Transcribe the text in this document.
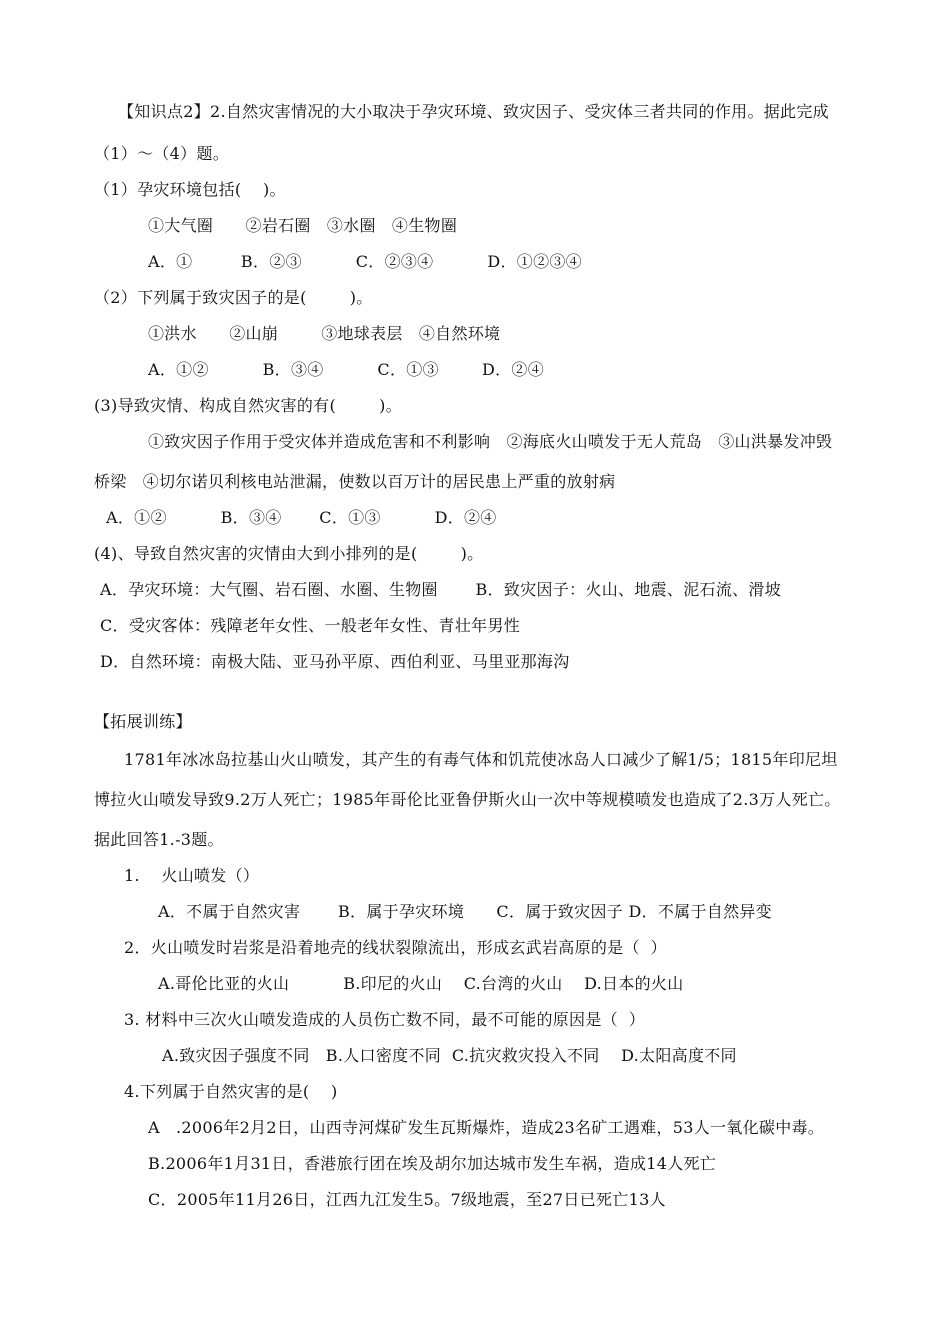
【知识点2】2.自然灾害情况的大小取决于孕灾环境、致灾因子、受灾体三者共同的作用。据此完成
（1）～（4）题。
（1）孕灾环境包括(    )。
①大气圈      ②岩石圈   ③水圈   ④生物圈
A．①         B．②③          C．②③④          D．①②③④
（2）下列属于致灾因子的是(        )。
①洪水      ②山崩        ③地球表层   ④自然环境
A．①②          B．③④          C．①③        D．②④
(3)导致灾情、构成自然灾害的有(        )。
①致灾因子作用于受灾体并造成危害和不利影响   ②海底火山喷发于无人荒岛   ③山洪暴发冲毁
桥梁   ④切尔诺贝利核电站泄漏，使数以百万计的居民患上严重的放射病
A．①②          B．③④       C．①③          D．②④
(4)、导致自然灾害的灾情由大到小排列的是(        )。
A．孕灾环境：大气圈、岩石圈、水圈、生物圈       B．致灾因子：火山、地震、泥石流、滑坡
C．受灾客体：残障老年女性、一般老年女性、青壮年男性
D．自然环境：南极大陆、亚马孙平原、西伯利亚、马里亚那海沟
【拓展训练】
1781年冰冰岛拉基山火山喷发，其产生的有毒气体和饥荒使冰岛人口减少了解1/5；1815年印尼坦
博拉火山喷发导致9.2万人死亡；1985年哥伦比亚鲁伊斯火山一次中等规模喷发也造成了2.3万人死亡。
据此回答1.-3题。
1.    火山喷发（）
A．不属于自然灾害       B．属于孕灾环境      C．属于致灾因子 D．不属于自然异变
2．火山喷发时岩浆是沿着地壳的线状裂隙流出，形成玄武岩高原的是（  ）
A.哥伦比亚的火山          B.印尼的火山    C.台湾的火山    D.日本的火山
3. 材料中三次火山喷发造成的人员伤亡数不同，最不可能的原因是（  ）
A.致灾因子强度不同   B.人口密度不同  C.抗灾救灾投入不同    D.太阳高度不同
4.下列属于自然灾害的是(    )
A   .2006年2月2日，山西寺河煤矿发生瓦斯爆炸，造成23名矿工遇难，53人一氧化碳中毒。
B.2006年1月31日，香港旅行团在埃及胡尔加达城市发生车祸，造成14人死亡
C．2005年11月26日，江西九江发生5。7级地震，至27日已死亡13人
